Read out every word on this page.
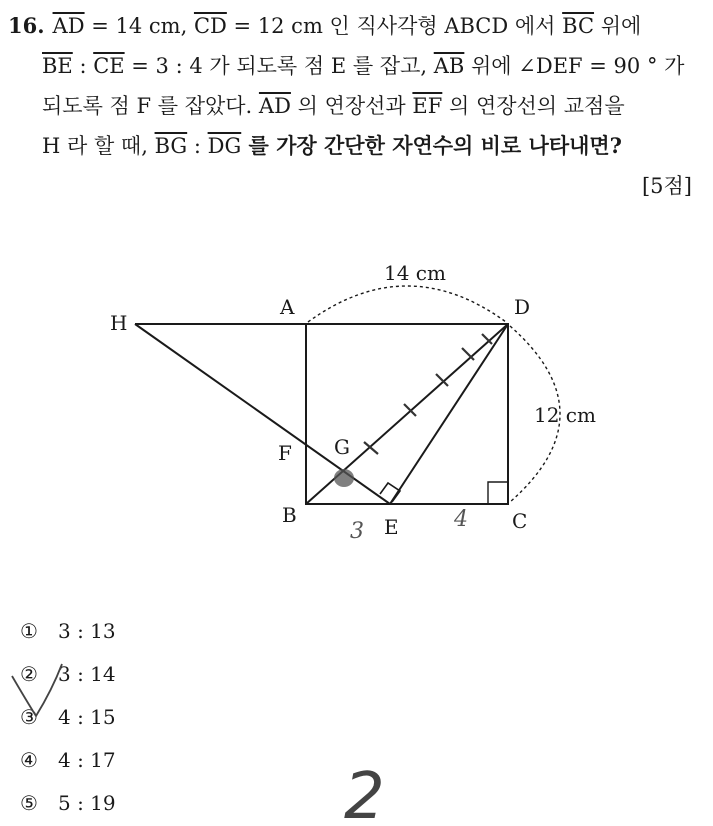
16. $\overline{AD} = 14$ cm, $\overline{CD} = 12$ cm 인 직사각형 ABCD 에서 $\overline{BC}$ 위에
$\overline{BE}$ : $\overline{CE} = 3$ : 4 가 되도록 점 E 를 잡고, $\overline{AB}$ 위에 ∠DEF = 90 ° 가
되도록 점 F 를 잡았다. $\overline{AD}$ 의 연장선과 $\overline{EF}$ 의 연장선의 교점을
H 라 할 때, $\overline{BG}$ : $\overline{DG}$ 를 가장 간단한 자연수의 비로 나타내면?
[5점]
H
A	D
F G
B	E	C
14 cm
12 cm
3	4
①	3 : 13
②	3 : 14
③	4 : 15
④	4 : 17
⑤	5 : 19	2
